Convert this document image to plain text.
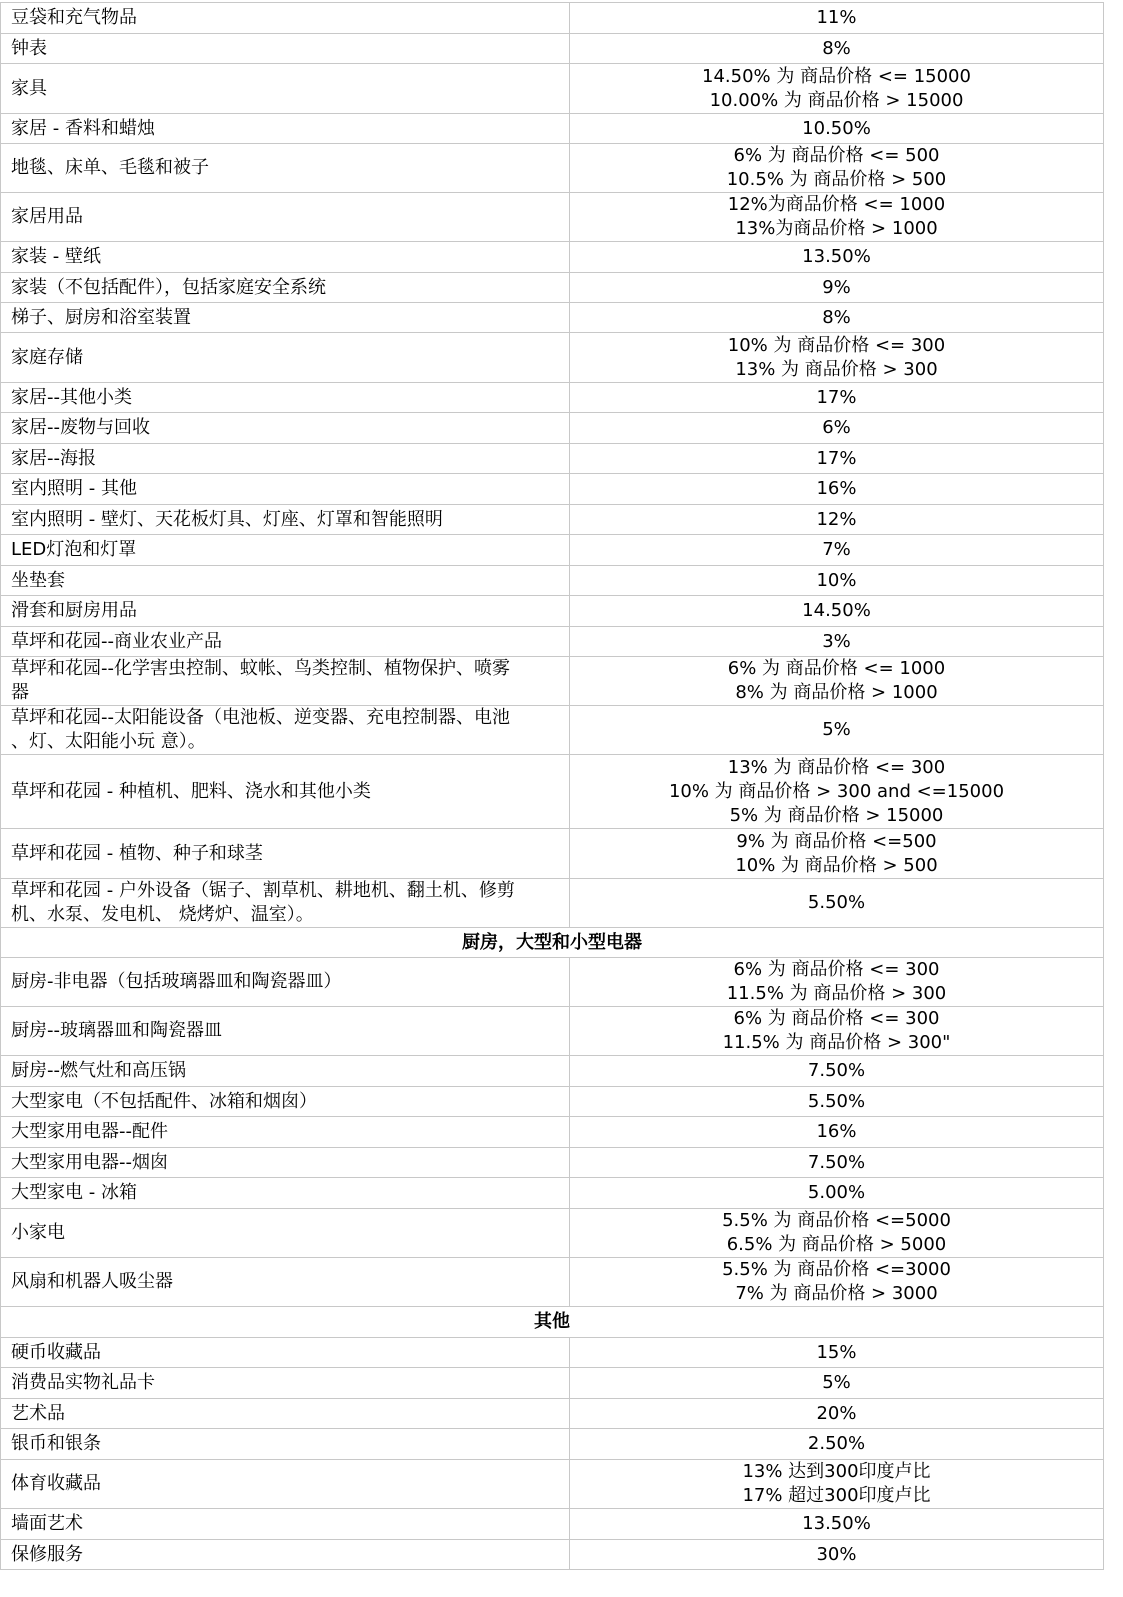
豆袋和充气物品	11%

钟表	8%

家具	14.50% 为 商品价格 <= 15000
10.00% 为 商品价格 > 15000

家居 - 香料和蜡烛	10.50%

地毯、床单、毛毯和被子	6% 为 商品价格 <= 500
10.5% 为 商品价格 > 500

家居用品	12%为商品价格 <= 1000
13%为商品价格 > 1000

家装 - 壁纸	13.50%

家装（不包括配件），包括家庭安全系统	9%

梯子、厨房和浴室装置	8%

家庭存储	10% 为 商品价格 <= 300
13% 为 商品价格 > 300

家居--其他小类	17%

家居--废物与回收	6%

家居--海报	17%

室内照明 - 其他	16%

室内照明 - 壁灯、天花板灯具、灯座、灯罩和智能照明	12%

LED灯泡和灯罩	7%

坐垫套	10%

滑套和厨房用品	14.50%

草坪和花园--商业农业产品	3%

草坪和花园--化学害虫控制、蚊帐、鸟类控制、植物保护、喷雾
器	6% 为 商品价格 <= 1000
8% 为 商品价格 > 1000

草坪和花园--太阳能设备（电池板、逆变器、充电控制器、电池
、灯、太阳能小玩 意）。	5%

草坪和花园 - 种植机、肥料、浇水和其他小类	13% 为 商品价格 <= 300
10% 为 商品价格 > 300 and <=15000
5% 为 商品价格 > 15000

草坪和花园 - 植物、种子和球茎	9% 为 商品价格 <=500
10% 为 商品价格 > 500

草坪和花园 - 户外设备（锯子、割草机、耕地机、翻土机、修剪
机、水泵、发电机、 烧烤炉、温室）。	5.50%

厨房，大型和小型电器	

厨房-非电器（包括玻璃器皿和陶瓷器皿）	6% 为 商品价格 <= 300
11.5% 为 商品价格 > 300

厨房--玻璃器皿和陶瓷器皿	6% 为 商品价格 <= 300
11.5% 为 商品价格 > 300"

厨房--燃气灶和高压锅	7.50%

大型家电（不包括配件、冰箱和烟囱）	5.50%

大型家用电器--配件	16%

大型家用电器--烟囱	7.50%

大型家电 - 冰箱	5.00%

小家电	5.5% 为 商品价格 <=5000
6.5% 为 商品价格 > 5000

风扇和机器人吸尘器	5.5% 为 商品价格 <=3000
7% 为 商品价格 > 3000

其他	

硬币收藏品	15%

消费品实物礼品卡	5%

艺术品	20%

银币和银条	2.50%

体育收藏品	13% 达到300印度卢比
17% 超过300印度卢比

墙面艺术	13.50%

保修服务	30%
